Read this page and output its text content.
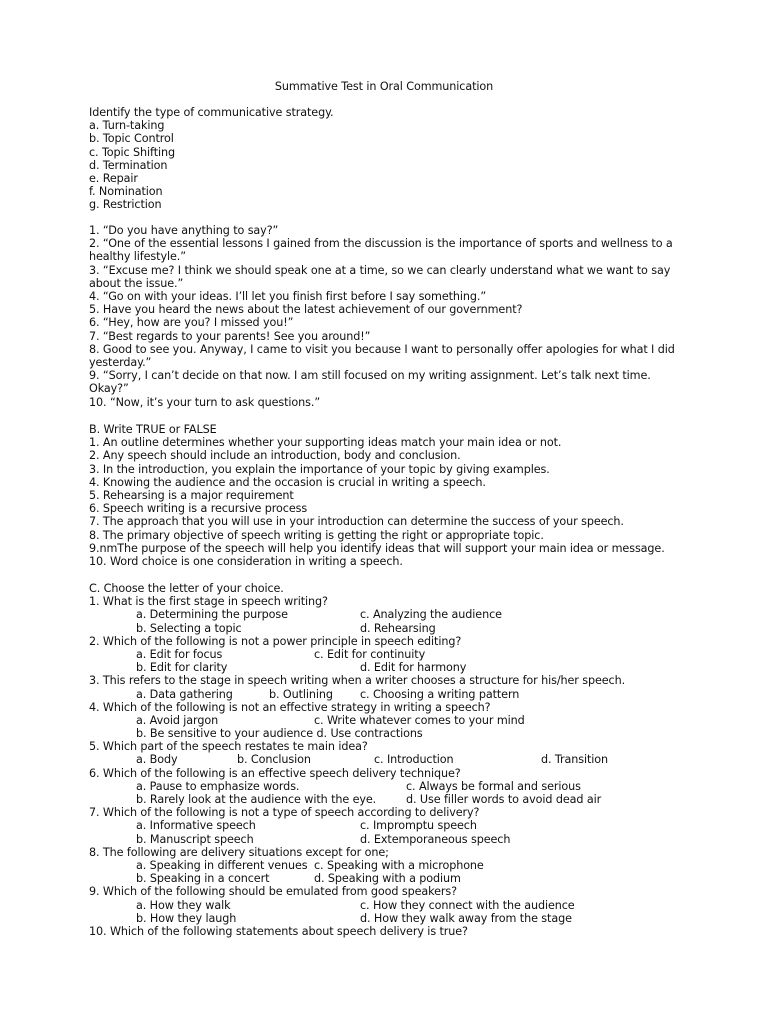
Summative Test in Oral Communication
Identify the type of communicative strategy.
a. Turn-taking
b. Topic Control
c. Topic Shifting
d. Termination
e. Repair
f. Nomination
g. Restriction
1. “Do you have anything to say?”
2. “One of the essential lessons I gained from the discussion is the importance of sports and wellness to a healthy lifestyle.”
3. “Excuse me? I think we should speak one at a time, so we can clearly understand what we want to say about the issue.”
4. “Go on with your ideas. I’ll let you finish first before I say something.”
5. Have you heard the news about the latest achievement of our government?
6. “Hey, how are you? I missed you!”
7. “Best regards to your parents! See you around!”
8. Good to see you. Anyway, I came to visit you because I want to personally offer apologies for what I did yesterday.”
9. “Sorry, I can’t decide on that now. I am still focused on my writing assignment. Let’s talk next time. Okay?”
10. “Now, it’s your turn to ask questions.”
B. Write TRUE or FALSE
1. An outline determines whether your supporting ideas match your main idea or not.
2. Any speech should include an introduction, body and conclusion.
3. In the introduction, you explain the importance of your topic by giving examples.
4. Knowing the audience and the occasion is crucial in writing a speech.
5. Rehearsing is a major requirement
6. Speech writing is a recursive process
7. The approach that you will use in your introduction can determine the success of your speech.
8. The primary objective of speech writing is getting the right or appropriate topic.
9.nmThe purpose of the speech will help you identify ideas that will support your main idea or message.
10. Word choice is one consideration in writing a speech.
C. Choose the letter of your choice.
1. What is the first stage in speech writing?
a. Determining the purpose	c. Analyzing the audience
b. Selecting a topic	d. Rehearsing
2. Which of the following is not a power principle in speech editing?
a. Edit for focus	c. Edit for continuity
b. Edit for clarity	d. Edit for harmony
3. This refers to the stage in speech writing when a writer chooses a structure for his/her speech.
a. Data gathering	b. Outlining c. Choosing a writing pattern
4. Which of the following is not an effective strategy in writing a speech?
a. Avoid jargon	c. Write whatever comes to your mind
b. Be sensitive to your audience d. Use contractions
5. Which part of the speech restates te main idea?
a. Body	b. Conclusion	c. Introduction	d. Transition
6. Which of the following is an effective speech delivery technique?
a. Pause to emphasize words.	c. Always be formal and serious
b. Rarely look at the audience with the eye.	d. Use filler words to avoid dead air
7. Which of the following is not a type of speech according to delivery?
a. Informative speech	c. Impromptu speech
b. Manuscript speech	d. Extemporaneous speech
8. The following are delivery situations except for one;
a. Speaking in different venues c. Speaking with a microphone
b. Speaking in a concert	d. Speaking with a podium
9. Which of the following should be emulated from good speakers?
a. How they walk	c. How they connect with the audience
b. How they laugh	d. How they walk away from the stage
10. Which of the following statements about speech delivery is true?
